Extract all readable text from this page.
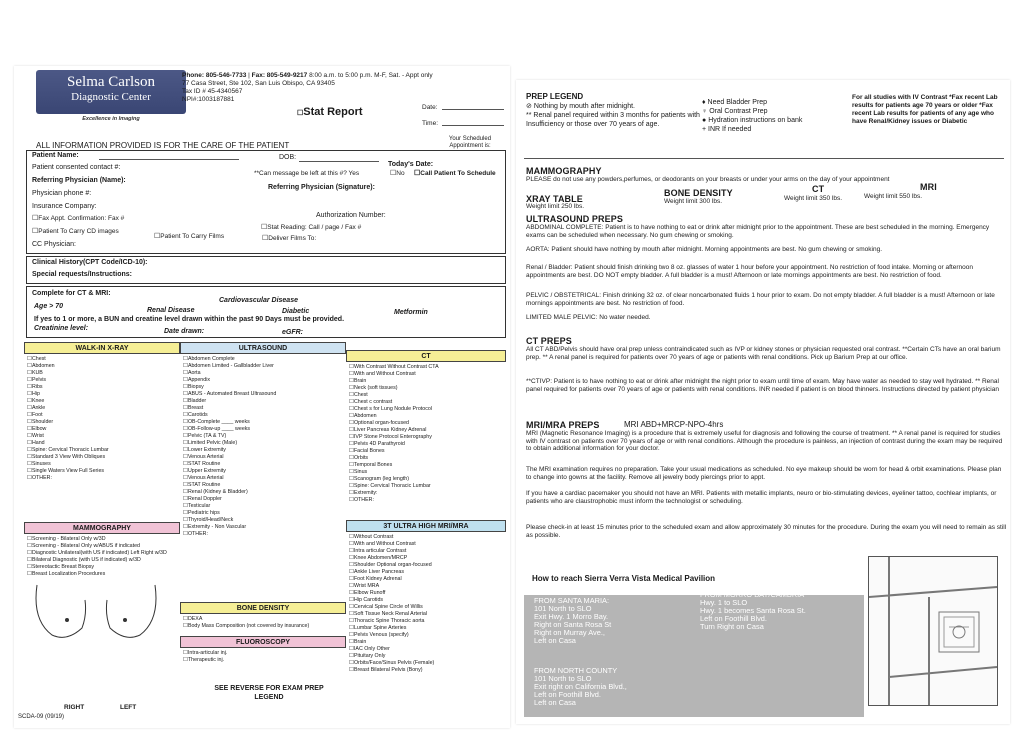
Selma Carlson
Diagnostic Center
Excellence in Imaging
Phone: 805-546-7733 | Fax: 805-549-9217 8:00 a.m. to 5:00 p.m. M-F, Sat. - Appt only
77 Casa Street, Ste 102, San Luis Obispo, CA 93405
Tax ID # 45-4340567
NPI#:1003187881
☐ Stat Report	Date:
Time:
Your Scheduled Appointment is:
ALL INFORMATION PROVIDED IS FOR THE CARE OF THE PATIENT
Patient Name:	DOB:
Today's Date:
Patient consented contact #:
**Can message be left at this #? Yes	☐ No	☐ Call Patient To Schedule
Referring Physician (Name):
Referring Physician (Signature):
Physician phone #:
Insurance Company:
Authorization Number:
☐ Fax Appt. Confirmation: Fax #
☐ Stat Reading: Call / page / Fax #
☐ Patient To Carry CD images
☐ Patient To Carry Films	☐ Deliver Films To:
CC Physician:
Clinical History(CPT Code/ICD-10):
Special requests/Instructions:
Complete for CT & MRI:
Cardiovascular Disease
Age > 70
Renal Disease	Diabetic	Metformin
If yes to 1 or more, a BUN and creatine level drawn within the past 90 Days must be provided.
Creatinine level:	Date drawn:	eGFR:
WALK-IN X-RAY
☐ Chest
☐ Abdomen
☐ KUB
☐ Pelvis
☐ Ribs
☐ Hip
☐ Knee
☐ Ankle
☐ Foot
☐ Shoulder
☐ Elbow
☐ Wrist
☐ Hand
☐ Spine: Cervical Thoracic Lumbar
☐ Standard 3 View With Obliques
☐ Sinuses
☐ Single Waters View Full Series
☐ OTHER:
MAMMOGRAPHY
☐ Screening - Bilateral Only w/3D
☐ Screening - Bilateral Only w/ABUS if indicated
☐ Diagnostic Unilateral(with US if indicated) Left Right w/3D
☐ Bilateral Diagnostic (with US if indicated) w/3D
☐ Stereotactic Breast Biopsy
☐ Breast Localization Procedures
RIGHT	LEFT
SCDA-09 (09/19)
ULTRASOUND
☐ Abdomen Complete
☐ Abdomen Limited - Gallbladder Liver
☐ Aorta
☐ Appendix
☐ Biopsy
☐ ABUS - Automated Breast Ultrasound
☐ Bladder
☐ Breast
☐ Carotids
☐ OB-Complete ____ weeks
☐ OB-Follow-up ____ weeks
☐ Pelvic (TA & TV)
☐ Limited Pelvic (Male)
☐ Lower Extremity
☐ Venous Arterial
☐ STAT Routine
☐ Upper Extremity
☐ Venous Arterial
☐ STAT Routine
☐ Renal (Kidney & Bladder)
☐ Renal Doppler
☐ Testicular
☐ Pediatric hips
☐ Thyroid/Head/Neck
☐ Extremity - Non Vascular
☐ OTHER:
BONE DENSITY
☐ DEXA
☐ Body Mass Composition (not covered by insurance)
FLUOROSCOPY
☐ Intra-articular inj.
☐ Therapeutic inj.
SEE REVERSE FOR EXAM PREP LEGEND
CT
☐ With Contrast Without Contrast CTA
☐ With and Without Contrast
☐ Brain
☐ Neck (soft tissues)
☐ Chest
☐ Chest c contrast
☐ Chest s for Lung Nodule Protocol
☐ Abdomen
☐ Optional organ-focused
☐ Liver Pancreas Kidney Adrenal
☐ IVP Stone Protocol Enterography
☐ Pelvis 4D Parathyroid
☐ Facial Bones
☐ Orbits
☐ Temporal Bones
☐ Sinus
☐ Scanogram (leg length)
☐ Spine: Cervical Thoracic Lumbar
☐ Extremity:
☐ OTHER:
3T ULTRA HIGH MRI/MRA
☐ Without Contrast
☐ With and Without Contrast
☐ Intra articular Contrast
☐ Knee Abdomen/MRCP
☐ Shoulder Optional organ-focused
☐ Ankle Liver Pancreas
☐ Foot Kidney Adrenal
☐ Wrist MRA
☐ Elbow Runoff
☐ Hip Carotids
☐ Cervical Spine Circle of Willis
☐ Soft Tissue Neck Renal Arterial
☐ Thoracic Spine Thoracic aorta
☐ Lumbar Spine Arteries
☐ Pelvis Venous (specify)
☐ Brain
☐ IAC Only Other
☐ Pituitary Only
☐ Orbits/Face/Sinus Pelvis (Female)
☐ Breast Bilateral Pelvis (Bony)
PREP LEGEND
⊘ Nothing by mouth after midnight.
** Renal panel required within 3 months for patients with Insufficiency or those over 70 years of age.
♦ Need Bladder Prep
♀ Oral Contrast Prep
● Hydration instructions on bank
+ INR If needed
For all studies with IV Contrast *Fax recent Lab results for patients age 70 years or older *Fax recent Lab results for patients of any age who have Renal/Kidney issues or Diabetic
MAMMOGRAPHY
PLEASE do not use any powders,perfumes, or deodorants on your breasts or under your arms on the day of your appointment
XRAY TABLE
Weight limit 250 lbs.
BONE DENSITY
Weight limit 300 lbs.
CT
Weight limit 350 lbs.
MRI
Weight limit 550 lbs.
ULTRASOUND PREPS
ABDOMINAL COMPLETE: Patient is to have nothing to eat or drink after midnight prior to the appointment. These are best scheduled in the morning. Emergency exams can be scheduled when necessary. No gum chewing or smoking.
AORTA: Patient should have nothing by mouth after midnight. Morning appointments are best. No gum chewing or smoking.
Renal / Bladder: Patient should finish drinking two 8 oz. glasses of water 1 hour before your appointment. No restriction of food intake. Morning or afternoon appointments are best. DO NOT empty bladder. A full bladder is a must! Afternoon or late mornings appointments are best. No restriction of food.
PELVIC / OBSTETRICAL: Finish drinking 32 oz. of clear noncarbonated fluids 1 hour prior to exam. Do not empty bladder. A full bladder is a must! Afternoon or late mornings appointments are best. No restriction of food.
LIMITED MALE PELVIC: No water needed.
CT PREPS
All CT ABD/Pelvis should have oral prep unless contraindicated such as IVP or kidney stones or physician requested oral contrast. **Certain CTs have an oral barium prep. ** A renal panel is required for patients over 70 years of age or patients with renal conditions. Pick up Barium Prep at our office.
**CTIVP: Patient is to have nothing to eat or drink after midnight the night prior to exam until time of exam. May have water as needed to stay well hydrated. ** Renal panel required for patients over 70 years of age or patients with renal conditions. INR needed if patient is on blood thinners. Instructions directed by patient physician
MRI/MRA PREPS	MRI ABD+MRCP-NPO-4hrs
MRI (Magnetic Resonance Imaging) is a procedure that is extremely useful for diagnosis and following the course of treatment. ** A renal panel is required for studies with IV contrast on patients over 70 years of age or with renal conditions. Although the procedure is painless, an injection of contrast during the exam may be required to obtain additional information for your doctor.
The MRI examination requires no preparation. Take your usual medications as scheduled. No eye makeup should be worn for head & orbit examinations. Please plan to change into gowns at the facility. Remove all jewelry body piercings prior to appt.
If you have a cardiac pacemaker you should not have an MRI. Patients with metallic implants, neuro or bio-stimulating devices, eyeliner tattoo, cochlear implants, or patients who are claustrophobic must inform the technologist or scheduling.
Please check-in at least 15 minutes prior to the scheduled exam and allow approximately 30 minutes for the procedure. During the exam you will need to remain as still as possible.
How to reach Sierra Verra Vista Medical Pavilion
FROM SANTA MARIA:
101 North to SLO
Exit Hwy. 1 Morro Bay.
Right on Santa Rosa St
Right on Murray Ave.,
Left on Casa
FROM NORTH COUNTY
101 North to SLO
Exit right on California Blvd.,
Left on Foothill Blvd.
Left on Casa
FROM MORRO BAY/CAMBRIA
Hwy. 1 to SLO
Hwy. 1 becomes Santa Rosa St.
Left on Foothill Blvd.
Turn Right on Casa
